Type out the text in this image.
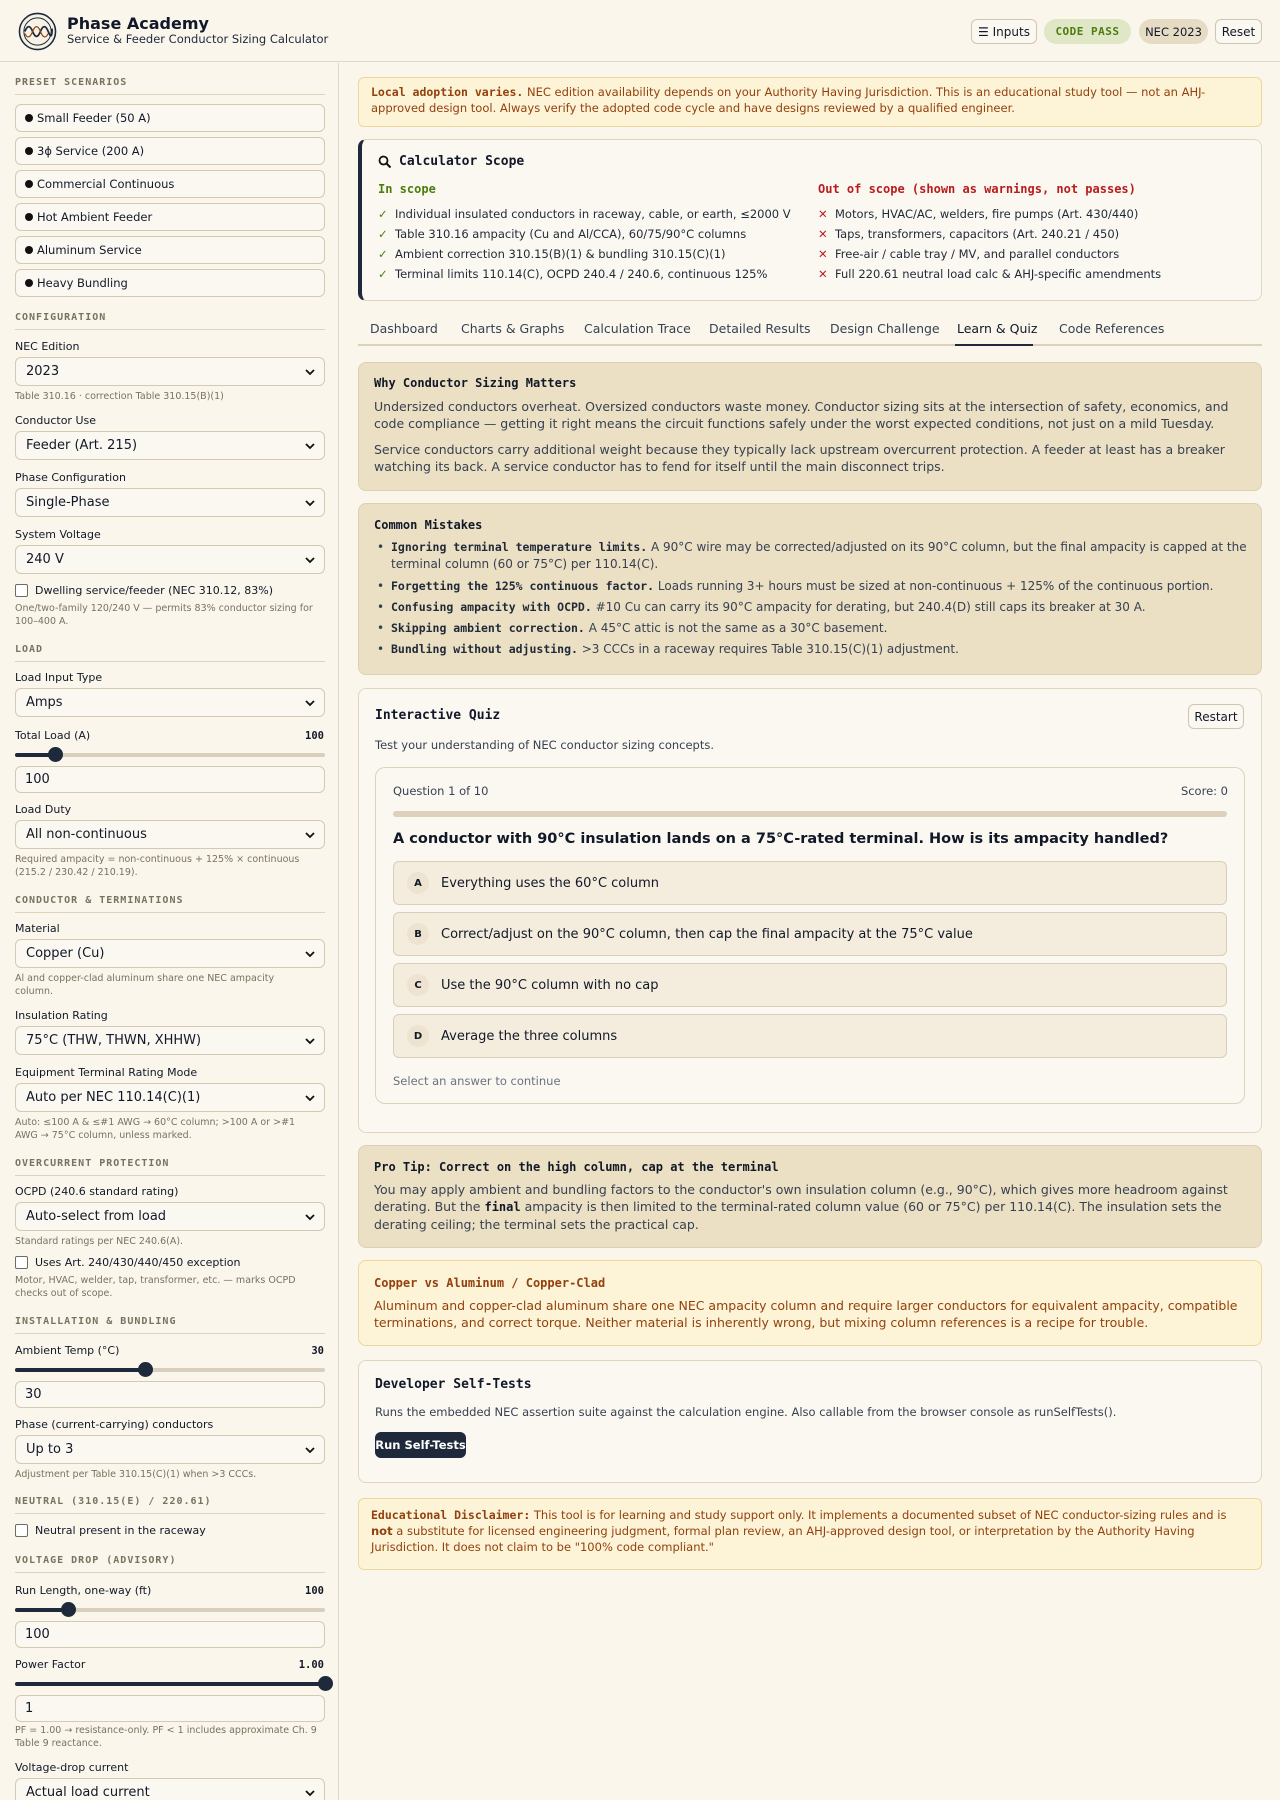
Phase Academy
Service & Feeder Conductor Sizing Calculator
☰ Inputs	CODE PASS	NEC 2023	Reset
PRESET SCENARIOS
Small Feeder (50 A)
3ϕ Service (200 A)
Commercial Continuous
Hot Ambient Feeder
Aluminum Service
Heavy Bundling
CONFIGURATION
NEC Edition
2023
Table 310.16 · correction Table 310.15(B)(1)
Conductor Use
Feeder (Art. 215)
Phase Configuration
Single-Phase
System Voltage
240 V
Dwelling service/feeder (NEC 310.12, 83%)
One/two-family 120/240 V — permits 83% conductor sizing for 100–400 A.
LOAD
Load Input Type
Amps
Total Load (A)	100
100
Load Duty
All non-continuous
Required ampacity = non-continuous + 125% × continuous (215.2 / 230.42 / 210.19).
CONDUCTOR & TERMINATIONS
Material
Copper (Cu)
Al and copper-clad aluminum share one NEC ampacity column.
Insulation Rating
75°C (THW, THWN, XHHW)
Equipment Terminal Rating Mode
Auto per NEC 110.14(C)(1)
Auto: ≤100 A & ≤#1 AWG → 60°C column; >100 A or >#1 AWG → 75°C column, unless marked.
OVERCURRENT PROTECTION
OCPD (240.6 standard rating)
Auto-select from load
Standard ratings per NEC 240.6(A).
Uses Art. 240/430/440/450 exception
Motor, HVAC, welder, tap, transformer, etc. — marks OCPD checks out of scope.
INSTALLATION & BUNDLING
Ambient Temp (°C)	30
30
Phase (current-carrying) conductors
Up to 3
Adjustment per Table 310.15(C)(1) when >3 CCCs.
NEUTRAL (310.15(E) / 220.61)
Neutral present in the raceway
VOLTAGE DROP (ADVISORY)
Run Length, one-way (ft)	100
100
Power Factor	1.00
1
PF = 1.00 → resistance-only. PF < 1 includes approximate Ch. 9 Table 9 reactance.
Voltage-drop current
Actual load current
Local adoption varies. NEC edition availability depends on your Authority Having Jurisdiction. This is an educational study tool — not an AHJ-approved design tool. Always verify the adopted code cycle and have designs reviewed by a qualified engineer.
Calculator Scope
In scope
✓ Individual insulated conductors in raceway, cable, or earth, ≤2000 V
✓ Table 310.16 ampacity (Cu and Al/CCA), 60/75/90°C columns
✓ Ambient correction 310.15(B)(1) & bundling 310.15(C)(1)
✓ Terminal limits 110.14(C), OCPD 240.4 / 240.6, continuous 125%
Out of scope (shown as warnings, not passes)
✕ Motors, HVAC/AC, welders, fire pumps (Art. 430/440)
✕ Taps, transformers, capacitors (Art. 240.21 / 450)
✕ Free-air / cable tray / MV, and parallel conductors
✕ Full 220.61 neutral load calc & AHJ-specific amendments
Dashboard Charts & Graphs Calculation Trace Detailed Results Design Challenge Learn & Quiz Code References
Why Conductor Sizing Matters
Undersized conductors overheat. Oversized conductors waste money. Conductor sizing sits at the intersection of safety, economics, and code compliance — getting it right means the circuit functions safely under the worst expected conditions, not just on a mild Tuesday.
Service conductors carry additional weight because they typically lack upstream overcurrent protection. A feeder at least has a breaker watching its back. A service conductor has to fend for itself until the main disconnect trips.
Common Mistakes
• Ignoring terminal temperature limits. A 90°C wire may be corrected/adjusted on its 90°C column, but the final ampacity is capped at the terminal column (60 or 75°C) per 110.14(C).
• Forgetting the 125% continuous factor. Loads running 3+ hours must be sized at non-continuous + 125% of the continuous portion.
• Confusing ampacity with OCPD. #10 Cu can carry its 90°C ampacity for derating, but 240.4(D) still caps its breaker at 30 A.
• Skipping ambient correction. A 45°C attic is not the same as a 30°C basement.
• Bundling without adjusting. >3 CCCs in a raceway requires Table 310.15(C)(1) adjustment.
Interactive Quiz	Restart
Test your understanding of NEC conductor sizing concepts.
Question 1 of 10	Score: 0
A conductor with 90°C insulation lands on a 75°C-rated terminal. How is its ampacity handled?
A	Everything uses the 60°C column
B	Correct/adjust on the 90°C column, then cap the final ampacity at the 75°C value
C	Use the 90°C column with no cap
D	Average the three columns
Select an answer to continue
Pro Tip: Correct on the high column, cap at the terminal
You may apply ambient and bundling factors to the conductor's own insulation column (e.g., 90°C), which gives more headroom against derating. But the final ampacity is then limited to the terminal-rated column value (60 or 75°C) per 110.14(C). The insulation sets the derating ceiling; the terminal sets the practical cap.
Copper vs Aluminum / Copper-Clad
Aluminum and copper-clad aluminum share one NEC ampacity column and require larger conductors for equivalent ampacity, compatible terminations, and correct torque. Neither material is inherently wrong, but mixing column references is a recipe for trouble.
Developer Self-Tests
Runs the embedded NEC assertion suite against the calculation engine. Also callable from the browser console as runSelfTests().
Run Self-Tests
Educational Disclaimer: This tool is for learning and study support only. It implements a documented subset of NEC conductor-sizing rules and is not a substitute for licensed engineering judgment, formal plan review, an AHJ-approved design tool, or interpretation by the Authority Having Jurisdiction. It does not claim to be "100% code compliant."
